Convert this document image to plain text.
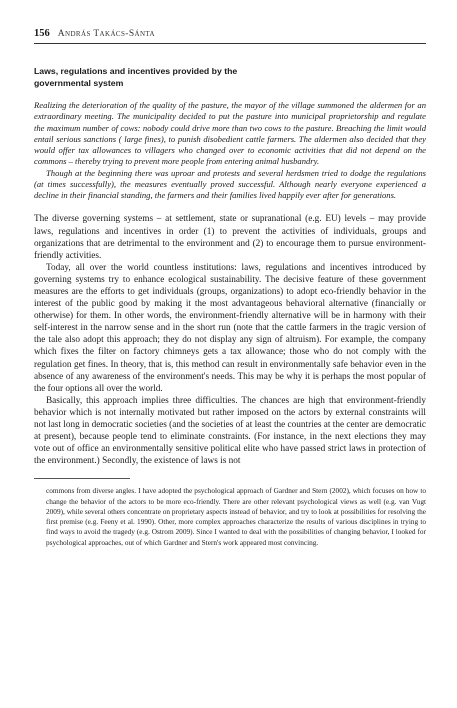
156 András Takács-Sánta
Laws, regulations and incentives provided by the governmental system

Realizing the deterioration of the quality of the pasture, the mayor of the village summoned the aldermen for an extraordinary meeting. The municipality decided to put the pasture into municipal proprietorship and regulate the maximum number of cows: nobody could drive more than two cows to the pasture. Breaching the limit would entail serious sanctions ( large fines), to punish disobedient cattle farmers. The aldermen also decided that they would offer tax allowances to villagers who changed over to economic activities that did not depend on the commons – thereby trying to prevent more people from entering animal husbandry.

Though at the beginning there was uproar and protests and several herdsmen tried to dodge the regulations (at times successfully), the measures eventually proved successful. Although nearly everyone experienced a decline in their financial standing, the farmers and their families lived happily ever after for generations.

The diverse governing systems – at settlement, state or supranational (e.g. EU) levels – may provide laws, regulations and incentives in order (1) to prevent the activities of individuals, groups and organizations that are detrimental to the environment and (2) to encourage them to pursue environment-friendly activities.

Today, all over the world countless institutions: laws, regulations and incentives introduced by governing systems try to enhance ecological sustainability. The decisive feature of these government measures are the efforts to get individuals (groups, organizations) to adopt eco-friendly behavior in the interest of the public good by making it the most advantageous behavioral alternative (financially or otherwise) for them. In other words, the environment-friendly alternative will be in harmony with their self-interest in the narrow sense and in the short run (note that the cattle farmers in the tragic version of the tale also adopt this approach; they do not display any sign of altruism). For example, the company which fixes the filter on factory chimneys gets a tax allowance; those who do not comply with the regulation get fines. In theory, that is, this method can result in environmentally safe behavior even in the absence of any awareness of the environment's needs. This may be why it is perhaps the most popular of the four options all over the world.

Basically, this approach implies three difficulties. The chances are high that environment-friendly behavior which is not internally motivated but rather imposed on the actors by external constraints will not last long in democratic societies (and the societies of at least the countries at the center are democratic at present), because people tend to eliminate constraints. (For instance, in the next elections they may vote out of office an environmentally sensitive political elite who have passed strict laws in protection of the environment.) Secondly, the existence of laws is not

commons from diverse angles. I have adopted the psychological approach of Gardner and Stern (2002), which focuses on how to change the behavior of the actors to be more eco-friendly. There are other relevant psychological views as well (e.g. van Vugt 2009), while several others concentrate on proprietary aspects instead of behavior, and try to look at possibilities for resolving the first premise (e.g. Feeny et al. 1990). Other, more complex approaches characterize the results of various disciplines in trying to find ways to avoid the tragedy (e.g. Ostrom 2009). Since I wanted to deal with the possibilities of changing behavior, I looked for psychological approaches, out of which Gardner and Stern's work appeared most convincing.
